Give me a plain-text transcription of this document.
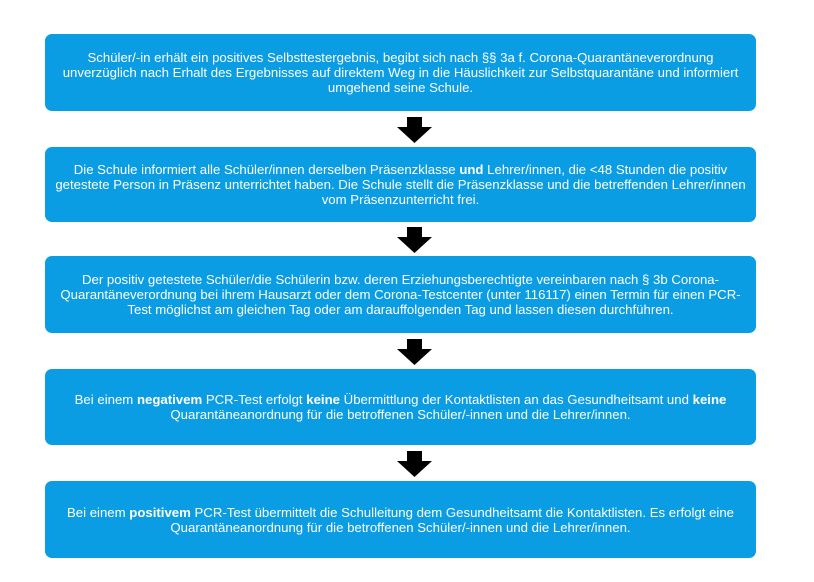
Schüler/-in erhält ein positives Selbsttestergebnis, begibt sich nach §§ 3a f. Corona-Quarantäneverordnung unverzüglich nach Erhalt des Ergebnisses auf direktem Weg in die Häuslichkeit zur Selbstquarantäne und informiert umgehend seine Schule.

Die Schule informiert alle Schüler/innen derselben Präsenzklasse und Lehrer/innen, die <48 Stunden die positiv getestete Person in Präsenz unterrichtet haben. Die Schule stellt die Präsenzklasse und die betreffenden Lehrer/innen vom Präsenzunterricht frei.

Der positiv getestete Schüler/die Schülerin bzw. deren Erziehungsberechtigte vereinbaren nach § 3b Corona-Quarantäneverordnung bei ihrem Hausarzt oder dem Corona-Testcenter (unter 116117) einen Termin für einen PCR-Test möglichst am gleichen Tag oder am darauffolgenden Tag und lassen diesen durchführen.

Bei einem negativem PCR-Test erfolgt keine Übermittlung der Kontaktlisten an das Gesundheitsamt und keine Quarantäneanordnung für die betroffenen Schüler/-innen und die Lehrer/innen.

Bei einem positivem PCR-Test übermittelt die Schulleitung dem Gesundheitsamt die Kontaktlisten. Es erfolgt eine Quarantäneanordnung für die betroffenen Schüler/-innen und die Lehrer/innen.
